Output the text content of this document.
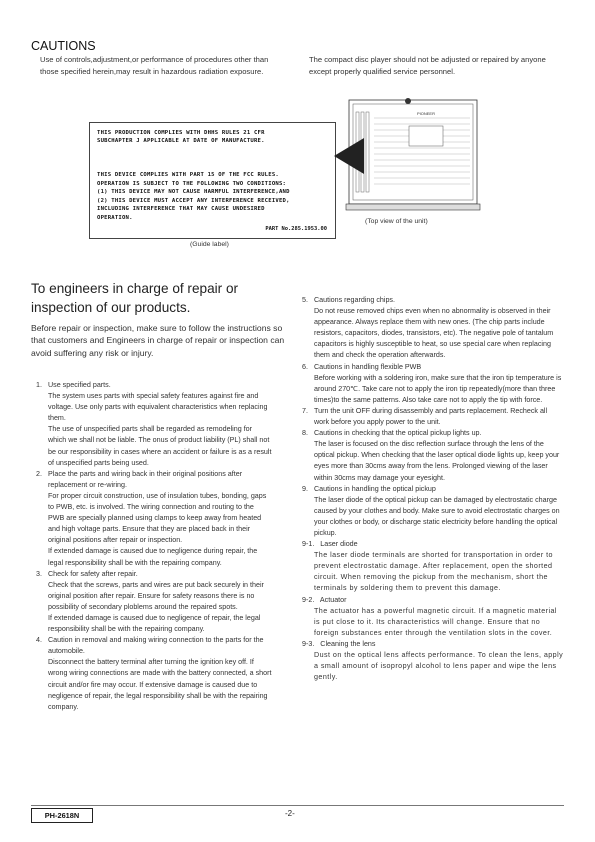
CAUTIONS
Use of controls,adjustment,or performance of procedures other than those specified herein,may result in hazardous radiation exposure.
The compact disc player should not be adjusted or repaired by anyone except properly qualified service personnel.
THIS PRODUCTION COMPLIES WITH DHHS RULES 21 CFR
SUBCHAPTER J APPLICABLE AT DATE OF MANUFACTURE.
THIS DEVICE COMPLIES WITH PART 15 OF THE FCC RULES.
OPERATION IS SUBJECT TO THE FOLLOWING TWO CONDITIONS:
(1) THIS DEVICE MAY NOT CAUSE HARMFUL INTERFERENCE,AND
(2) THIS DEVICE MUST ACCEPT ANY INTERFERENCE RECEIVED,
INCLUDING INTERFERENCE THAT MAY CAUSE UNDESIRED
OPERATION.
PART No.285.1953.00
(Guide label)
PIONEER
(Top view of the unit)
To engineers in charge of repair or inspection of our products.
Before repair or inspection, make sure to follow the instructions so that customers and Engineers in charge of repair or inspection can avoid suffering any risk or injury.
1. Use specified parts.
The system uses parts with special safety features against fire and voltage. Use only parts with equivalent characteristics when replacing them.
The use of unspecified parts shall be regarded as remodeling for which we shall not be liable. The onus of product liability (PL) shall not be our responsibility in cases where an accident or failure is as a result of unspecified parts being used.
2. Place the parts and wiring back in their original positions after replacement or re-wiring.
For proper circuit construction, use of insulation tubes, bonding, gaps to PWB, etc. is involved. The wiring connection and routing to the PWB are specially planned using clamps to keep away from heated and high voltage parts. Ensure that they are placed back in their original positions after repair or inspection.
If extended damage is caused due to negligence during repair, the legal responsibility shall be with the repairing company.
3. Check for safety after repair.
Check that the screws, parts and wires are put back securely in their original position after repair. Ensure for safety reasons there is no possibility of secondary ploblems around the repaired spots.
If extended damage is caused due to negligence of repair, the legal responsibility shall be with the repairing company.
4. Caution in removal and making wiring connection to the parts for the automobile.
Disconnect the battery terminal after turning the ignition key off. If wrong wiring connections are made with the battery connected, a short circuit and/or fire may occur. If extensive damage is caused due to negligence of repair, the legal responsibility shall be with the repairing company.
5. Cautions regarding chips.
Do not reuse removed chips even when no abnormality is observed in their appearance. Always replace them with new ones. (The chip parts include resistors, capacitors, diodes, transistors, etc). The negative pole of tantalum capacitors is highly susceptible to heat, so use special care when replacing them and check the operation afterwards.
6. Cautions in handling flexible PWB
Before working with a soldering iron, make sure that the iron tip temperature is around 270℃. Take care not to apply the iron tip repeatedly(more than three times)to the same patterns. Also take care not to apply the tip with force.
7. Turn the unit OFF during disassembly and parts replacement. Recheck all work before you apply power to the unit.
8. Cautions in checking that the optical pickup lights up.
The laser is focused on the disc reflection surface through the lens of the optical pickup. When checking that the laser optical diode lights up, keep your eyes more than 30cms away from the lens. Prolonged viewing of the laser within 30cms may damage your eyesight.
9. Cautions in handling the optical pickup
The laser diode of the optical pickup can be damaged by electrostatic charge caused by your clothes and body. Make sure to avoid electrostatic charges on your clothes or body, or discharge static electricity before handling the optical pickup.
9-1. Laser diode
The laser diode terminals are shorted for transportation in order to prevent electrostatic damage. After replacement, open the shorted circuit. When removing the pickup from the mechanism, short the terminals by soldering them to prevent this damage.
9-2. Actuator
The actuator has a powerful magnetic circuit. If a magnetic material is put close to it. Its characteristics will change. Ensure that no foreign substances enter through the ventilation slots in the cover.
9-3. Cleaning the lens
Dust on the optical lens affects performance. To clean the lens, apply a small amount of isopropyl alcohol to lens paper and wipe the lens gently.
PH-2618N	-2-
